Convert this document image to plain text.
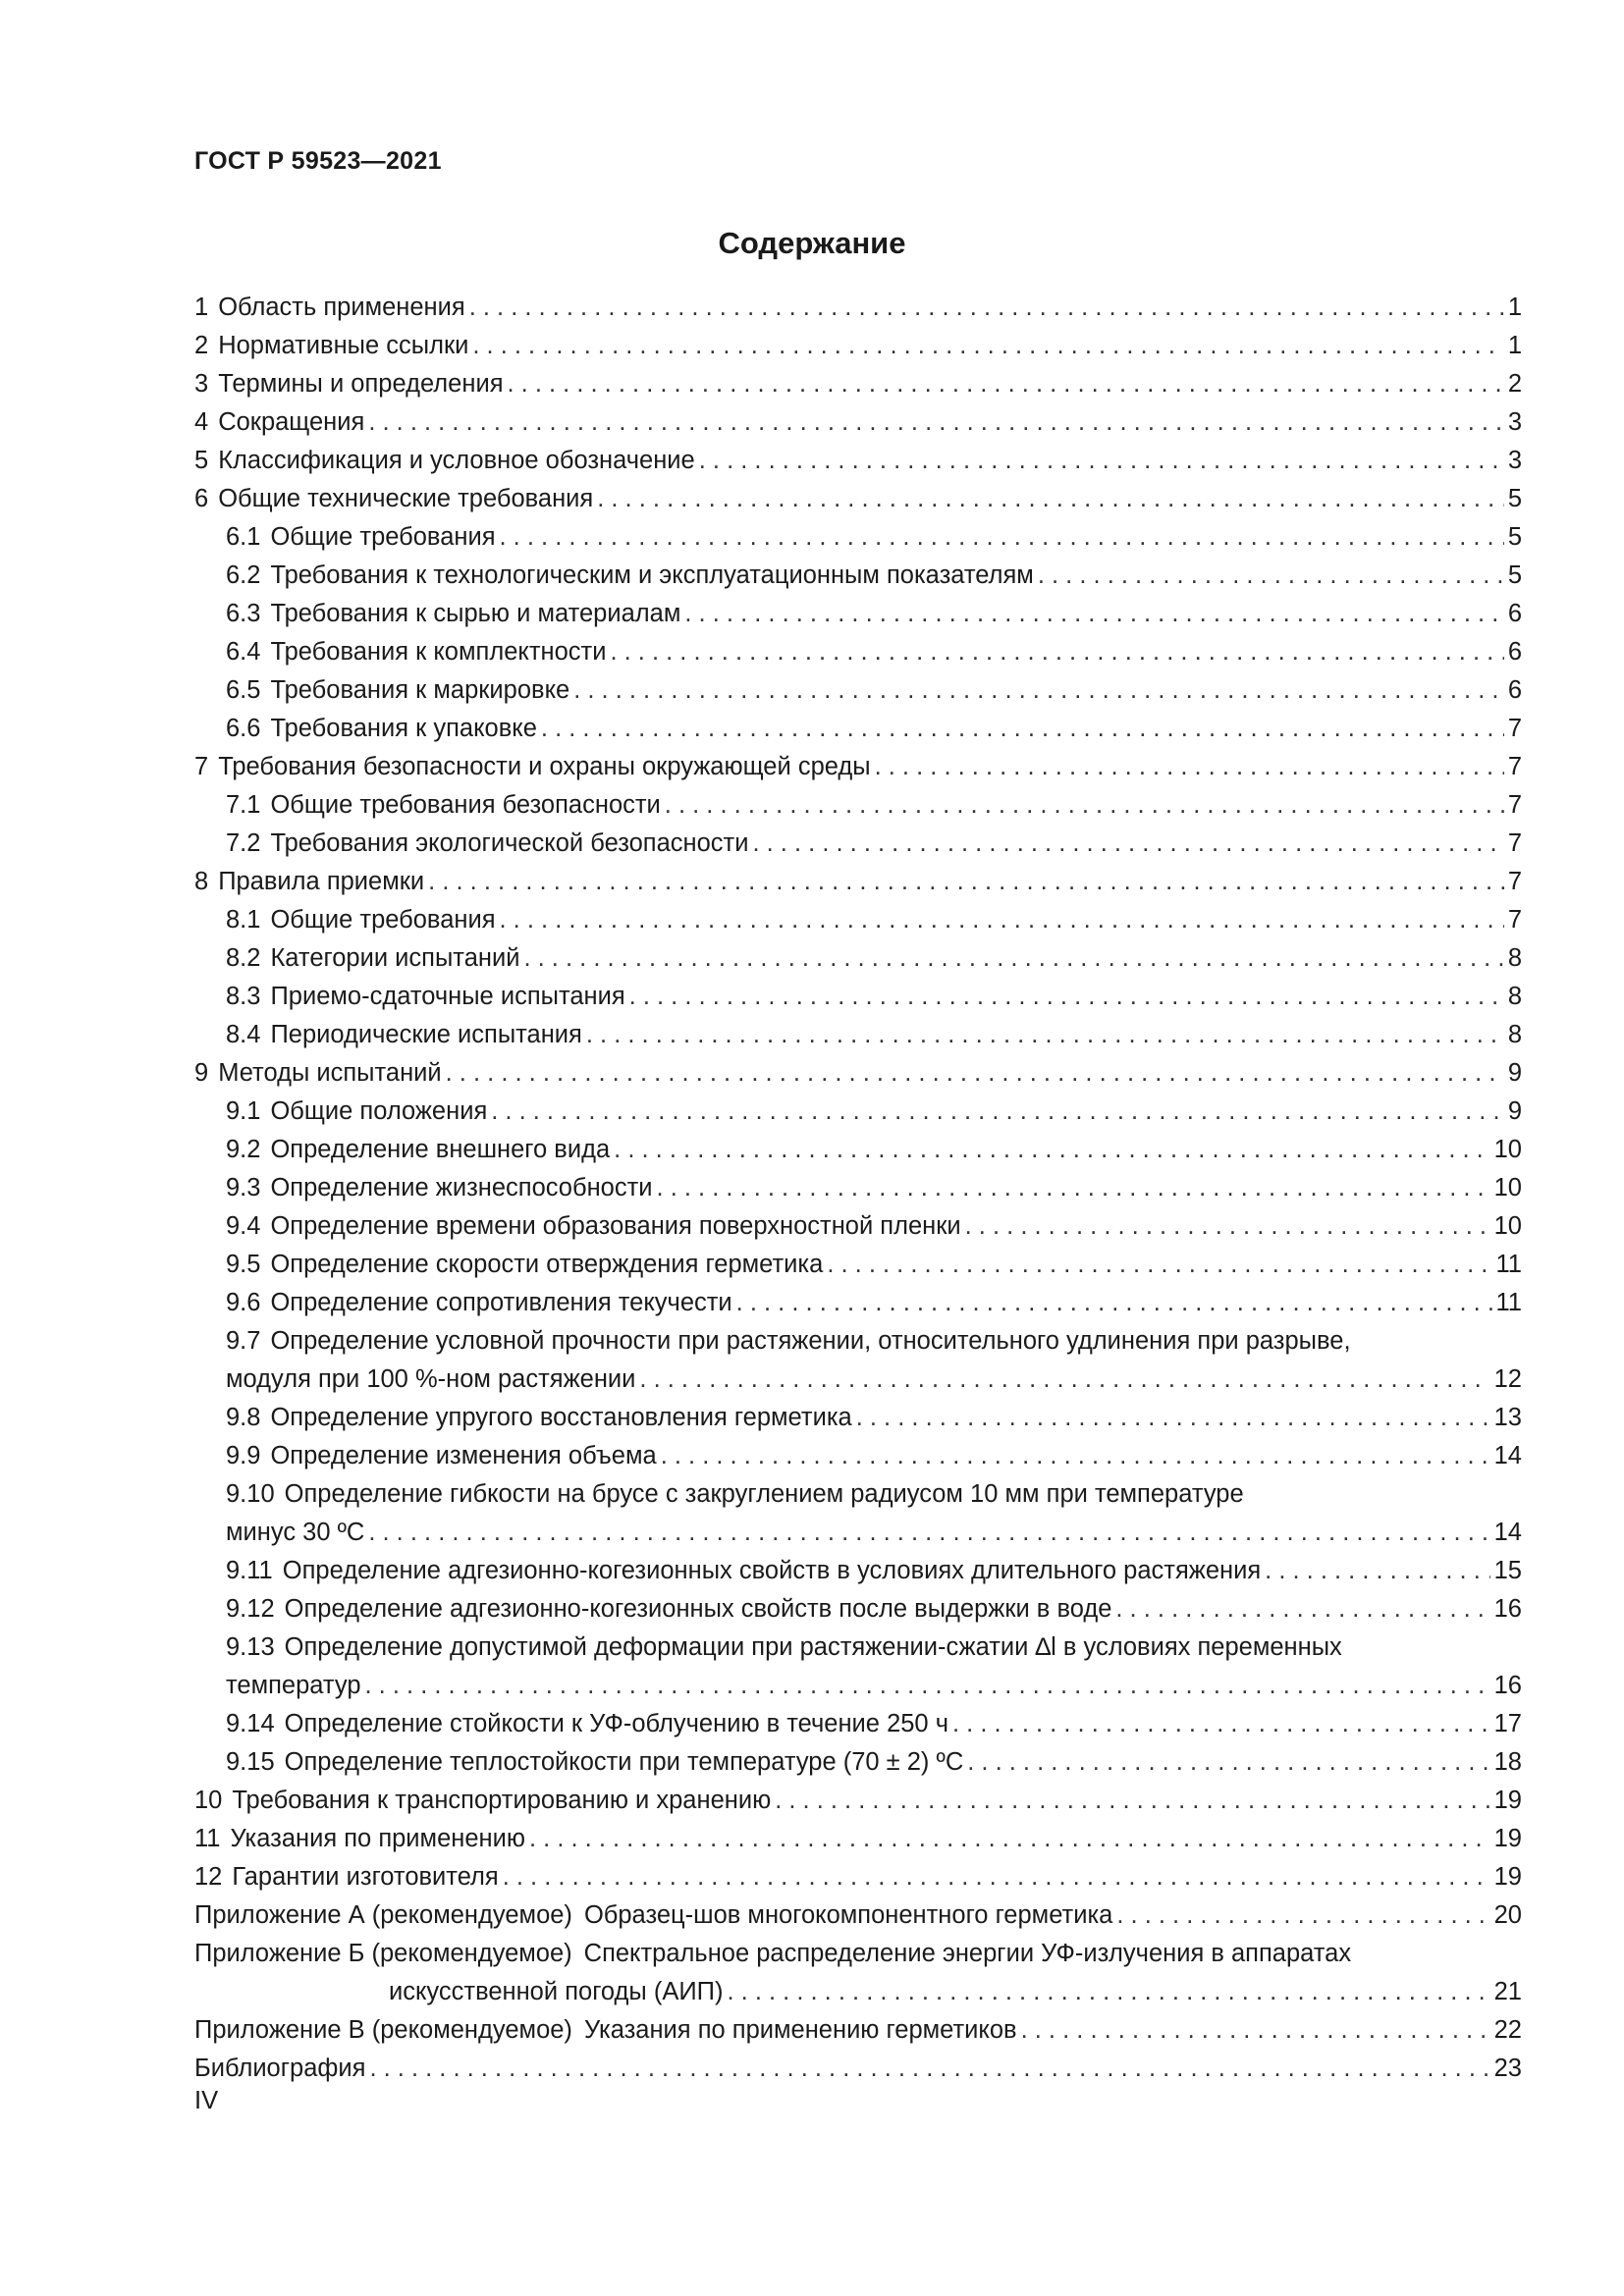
ГОСТ Р 59523—2021
Содержание
1 Область применения . . .	1
2 Нормативные ссылки . . .	1
3 Термины и определения . . .	2
4 Сокращения . . .	3
5 Классификация и условное обозначение . . .	3
6 Общие технические требования . . .	5
6.1 Общие требования . . .	5
6.2 Требования к технологическим и эксплуатационным показателям . . .	5
6.3 Требования к сырью и материалам . . .	6
6.4 Требования к комплектности . . .	6
6.5 Требования к маркировке . . .	6
6.6 Требования к упаковке . . .	7
7 Требования безопасности и охраны окружающей среды . . .	7
7.1 Общие требования безопасности . . .	7
7.2 Требования экологической безопасности . . .	7
8 Правила приемки . . .	7
8.1 Общие требования . . .	7
8.2 Категории испытаний . . .	8
8.3 Приемо-сдаточные испытания . . .	8
8.4 Периодические испытания . . .	8
9 Методы испытаний . . .	9
9.1 Общие положения . . .	9
9.2 Определение внешнего вида . . .	10
9.3 Определение жизнеспособности . . .	10
9.4 Определение времени образования поверхностной пленки . . .	10
9.5 Определение скорости отверждения герметика . . .	11
9.6 Определение сопротивления текучести . . .	11
9.7 Определение условной прочности при растяжении, относительного удлинения при разрыве,
модуля при 100 %-ном растяжении . . .	12
9.8 Определение упругого восстановления герметика . . .	13
9.9 Определение изменения объема . . .	14
9.10 Определение гибкости на брусе с закруглением радиусом 10 мм при температуре
минус 30 ºС . . .	14
9.11 Определение адгезионно-когезионных свойств в условиях длительного растяжения . . .	15
9.12 Определение адгезионно-когезионных свойств после выдержки в воде . . .	16
9.13 Определение допустимой деформации при растяжении-сжатии ∆l в условиях переменных
температур . . .	16
9.14 Определение стойкости к УФ-облучению в течение 250 ч . . .	17
9.15 Определение теплостойкости при температуре (70 ± 2) ºС . . .	18
10 Требования к транспортированию и хранению . . .	19
11 Указания по применению . . .	19
12 Гарантии изготовителя . . .	19
Приложение А (рекомендуемое) Образец-шов многокомпонентного герметика . . .	20
Приложение Б (рекомендуемое) Спектральное распределение энергии УФ-излучения в аппаратах
искусственной погоды (АИП) . . .	21
Приложение В (рекомендуемое) Указания по применению герметиков . . .	22
Библиография . . .	23
IV
